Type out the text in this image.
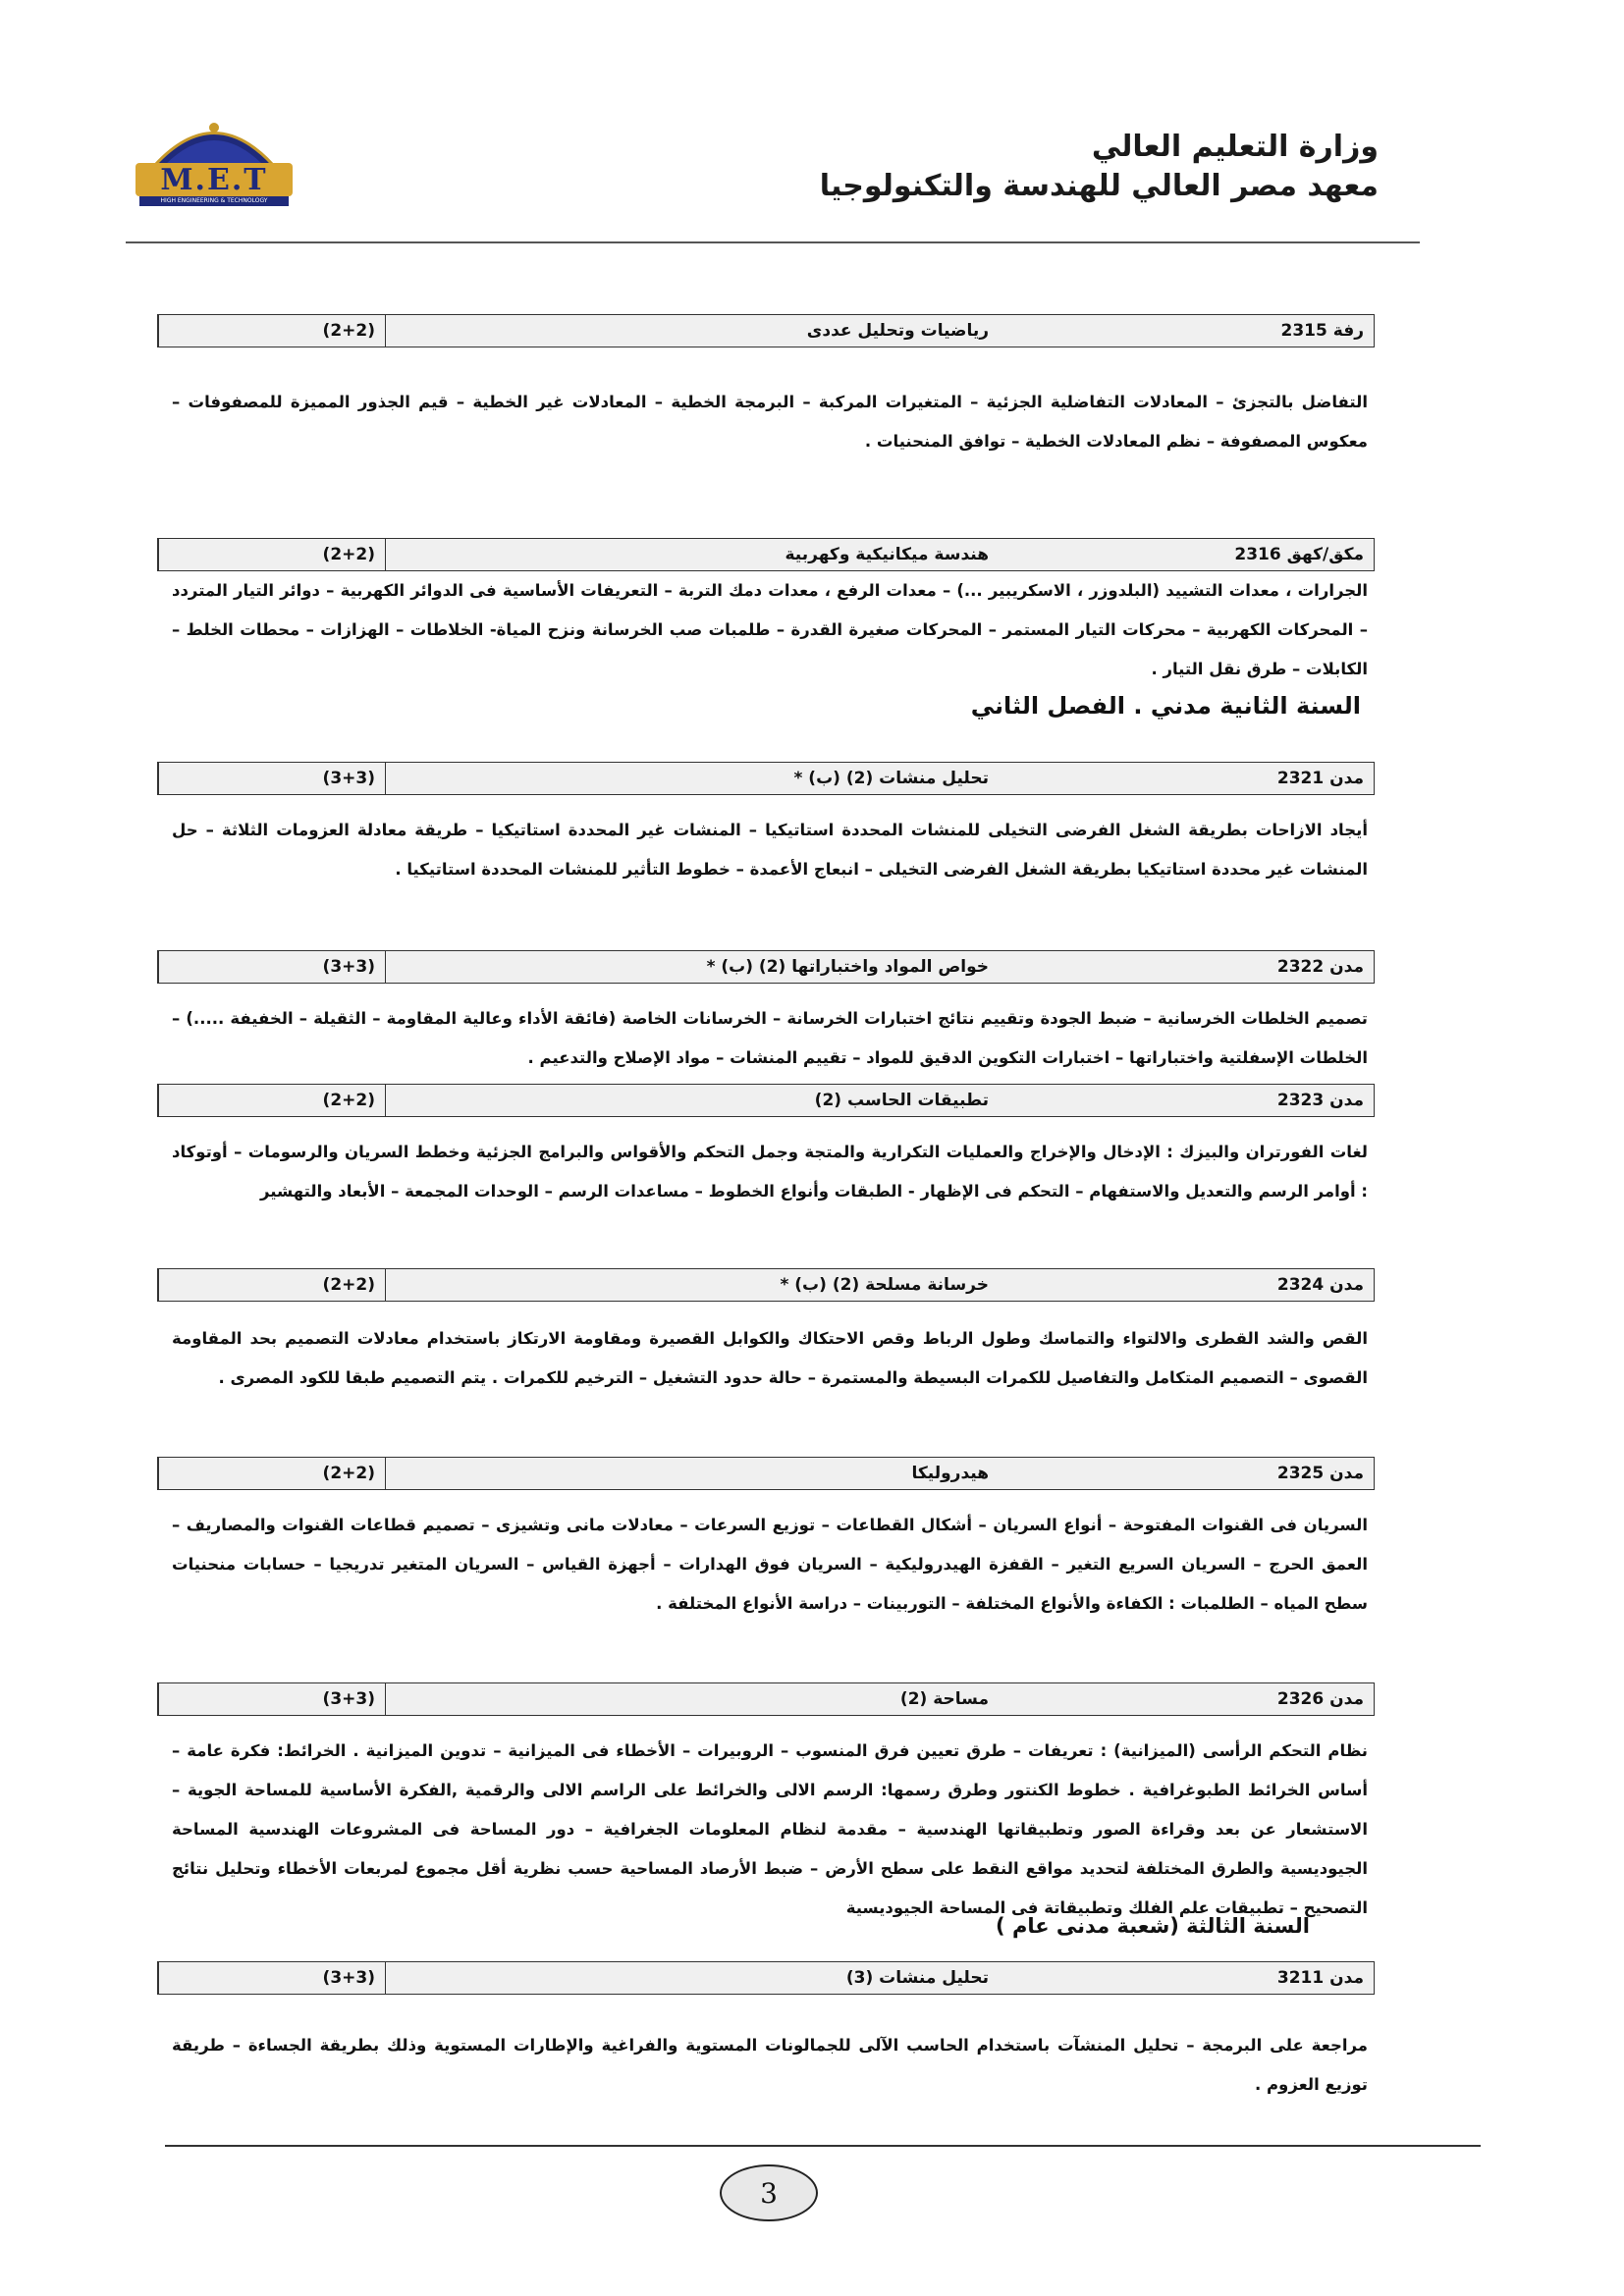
M.E.T
HIGH ENGINEERING & TECHNOLOGY
وزارة التعليم العالي
معهد مصر العالي للهندسة والتكنولوجيا
رفة 2315
رياضيات وتحليل عددى
(2+2)
التفاضل بالتجزئ – المعادلات التفاضلية الجزئية – المتغيرات المركبة – البرمجة الخطية – المعادلات غير الخطية – قيم الجذور المميزة للمصفوفات – معكوس المصفوفة – نظم المعادلات الخطية – توافق المنحنيات .
مكق/كهق 2316
هندسة ميكانيكية وكهربية
(2+2)
الجرارات ، معدات التشييد (البلدوزر ، الاسكريبير ...) – معدات الرفع ، معدات دمك التربة – التعريفات الأساسية فى الدوائر الكهربية – دوائر التيار المتردد – المحركات الكهربية – محركات التيار المستمر – المحركات صغيرة القدرة – طلمبات صب الخرسانة ونزح المياة- الخلاطات – الهزازات – محطات الخلط – الكابلات – طرق نقل التيار .
السنة الثانية مدني . الفصل الثاني
مدن 2321
تحليل منشات (2) (ب) *
(3+3)
أيجاد الازاحات بطريقة الشغل الفرضى التخيلى للمنشات المحددة استاتيكيا – المنشات غير المحددة استاتيكيا – طريقة معادلة العزومات الثلاثة – حل المنشات غير محددة استاتيكيا بطريقة الشغل الفرضى التخيلى – انبعاج الأعمدة – خطوط التأثير للمنشات المحددة استاتيكيا .
مدن 2322
خواص المواد واختباراتها (2) (ب) *
(3+3)
تصميم الخلطات الخرسانية – ضبط الجودة وتقييم نتائج اختبارات الخرسانة – الخرسانات الخاصة (فائقة الأداء وعالية المقاومة – الثقيلة – الخفيفة .....) – الخلطات الإسفلتية واختباراتها – اختبارات التكوين الدقيق للمواد – تقييم المنشات – مواد الإصلاح والتدعيم .
مدن 2323
تطبيقات الحاسب (2)
(2+2)
لغات الفورتران والبيزك : الإدخال والإخراج والعمليات التكرارية والمتجة وجمل التحكم والأقواس والبرامج الجزئية وخطط السريان والرسومات – أوتوكاد : أوامر الرسم والتعديل والاستفهام – التحكم فى الإظهار - الطبقات وأنواع الخطوط – مساعدات الرسم – الوحدات المجمعة – الأبعاد والتهشير
مدن 2324
خرسانة مسلحة (2) (ب) *
(2+2)
القص والشد القطرى والالتواء والتماسك وطول الرباط وقص الاحتكاك والكوابل القصيرة ومقاومة الارتكاز باستخدام معادلات التصميم بحد المقاومة القصوى – التصميم المتكامل والتفاصيل للكمرات البسيطة والمستمرة – حالة حدود التشغيل – الترخيم للكمرات . يتم التصميم طبقا للكود المصرى .
مدن 2325
هيدروليكا
(2+2)
السريان فى القنوات المفتوحة – أنواع السريان – أشكال القطاعات – توزيع السرعات – معادلات مانى وتشيزى – تصميم قطاعات القنوات والمصاريف – العمق الحرج – السريان السريع التغير – القفزة الهيدروليكية – السريان فوق الهدارات – أجهزة القياس – السريان المتغير تدريجيا – حسابات منحنيات سطح المياه – الطلمبات : الكفاءة والأنواع المختلفة – التوربينات – دراسة الأنواع المختلفة .
مدن 2326
مساحة (2)
(3+3)
نظام التحكم الرأسى (الميزانية) : تعريفات – طرق تعيين فرق المنسوب – الروبيرات – الأخطاء فى الميزانية – تدوين الميزانية . الخرائط: فكرة عامة –أساس الخرائط الطبوغرافية . خطوط الكنتور وطرق رسمها: الرسم الالى والخرائط على الراسم الالى والرقمية ,الفكرة الأساسية للمساحة الجوية – الاستشعار عن بعد وقراءة الصور وتطبيقاتها الهندسية – مقدمة لنظام المعلومات الجغرافية – دور المساحة فى المشروعات الهندسية المساحة الجيوديسية والطرق المختلفة لتحديد مواقع النقط على سطح الأرض – ضبط الأرصاد المساحية حسب نظرية أقل مجموع لمربعات الأخطاء وتحليل نتائج التصحيح – تطبيقات علم الفلك وتطبيقاتة فى المساحة الجيوديسية
السنة الثالثة (شعبة مدنى عام )
مدن 3211
تحليل منشات (3)
(3+3)
مراجعة على البرمجة – تحليل المنشآت باستخدام الحاسب الآلى للجمالونات المستوية والفراغية والإطارات المستوية وذلك بطريقة الجساءة – طريقة توزيع العزوم .
3
